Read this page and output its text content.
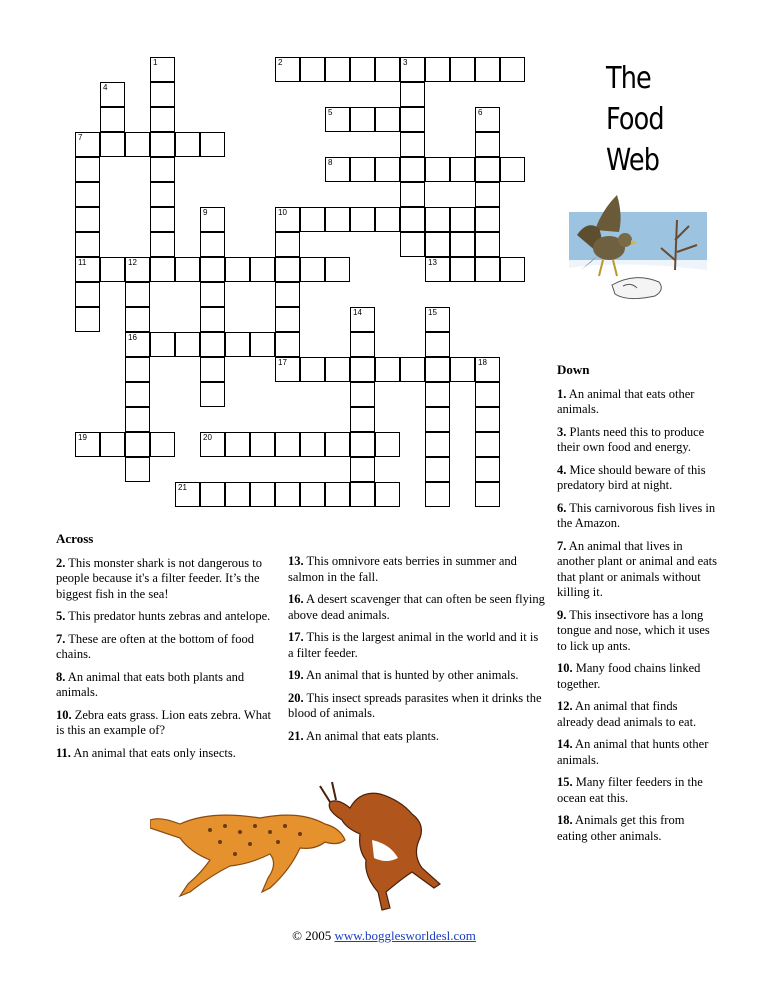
1	2	3
4
5	6
7
8
9	10
11	12	13
14	15
16
17	18
19	20
21
The
Food
Web
Across

2. This monster shark is not dangerous to people because it's a filter feeder. It’s the biggest fish in the sea!

5. This predator hunts zebras and antelope.

7. These are often at the bottom of food chains.

8. An animal that eats both plants and animals.

10. Zebra eats grass. Lion eats zebra. What is this an example of?

11. An animal that eats only insects.

13. This omnivore eats berries in summer and salmon in the fall.

16. A desert scavenger that can often be seen flying above dead animals.

17. This is the largest animal in the world and it is a filter feeder.

19. An animal that is hunted by other animals.

20. This insect spreads parasites when it drinks the blood of animals.

21. An animal that eats plants.

Down

1. An animal that eats other animals.

3. Plants need this to produce their own food and energy.

4. Mice should beware of this predatory bird at night.

6. This carnivorous fish lives in the Amazon.

7. An animal that lives in another plant or animal and eats that plant or animals without killing it.

9. This insectivore has a long tongue and nose, which it uses to lick up ants.

10. Many food chains linked together.

12. An animal that finds already dead animals to eat.

14. An animal that hunts other animals.

15. Many filter feeders in the ocean eat this.

18. Animals get this from eating other animals.

© 2005 www.bogglesworldesl.com
